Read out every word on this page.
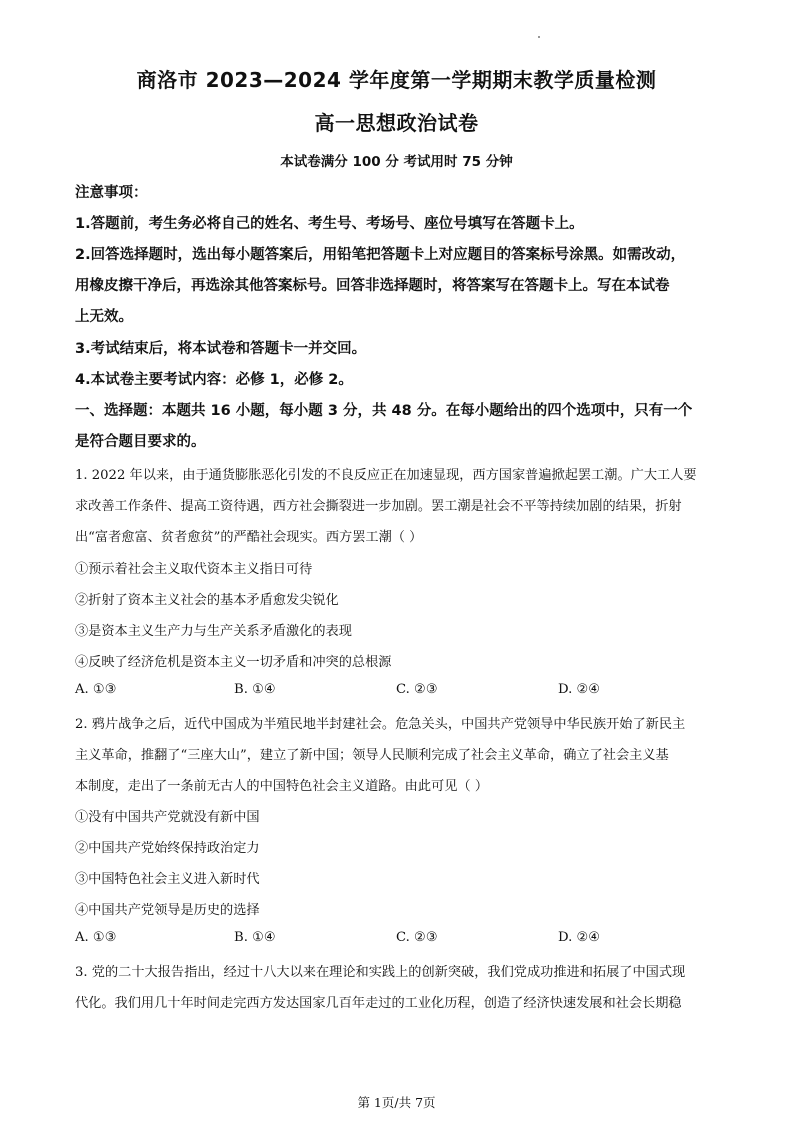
商洛市 2023—2024 学年度第一学期期末教学质量检测
高一思想政治试卷
本试卷满分 100 分 考试用时 75 分钟
注意事项：
1.答题前，考生务必将自己的姓名、考生号、考场号、座位号填写在答题卡上。
2.回答选择题时，选出每小题答案后，用铅笔把答题卡上对应题目的答案标号涂黑。如需改动，
用橡皮擦干净后，再选涂其他答案标号。回答非选择题时，将答案写在答题卡上。写在本试卷
上无效。
3.考试结束后，将本试卷和答题卡一并交回。
4.本试卷主要考试内容：必修 1，必修 2。
一、选择题：本题共 16 小题，每小题 3 分，共 48 分。在每小题给出的四个选项中，只有一个
是符合题目要求的。
1. 2022 年以来，由于通货膨胀恶化引发的不良反应正在加速显现，西方国家普遍掀起罢工潮。广大工人要
求改善工作条件、提高工资待遇，西方社会撕裂进一步加剧。罢工潮是社会不平等持续加剧的结果，折射
出“富者愈富、贫者愈贫”的严酷社会现实。西方罢工潮（ ）
①预示着社会主义取代资本主义指日可待
②折射了资本主义社会的基本矛盾愈发尖锐化
③是资本主义生产力与生产关系矛盾激化的表现
④反映了经济危机是资本主义一切矛盾和冲突的总根源
A. ①③	B. ①④	C. ②③	D. ②④
2. 鸦片战争之后，近代中国成为半殖民地半封建社会。危急关头，中国共产党领导中华民族开始了新民主
主义革命，推翻了“三座大山”，建立了新中国；领导人民顺利完成了社会主义革命，确立了社会主义基
本制度，走出了一条前无古人的中国特色社会主义道路。由此可见（ ）
①没有中国共产党就没有新中国
②中国共产党始终保持政治定力
③中国特色社会主义进入新时代
④中国共产党领导是历史的选择
A. ①③	B. ①④	C. ②③	D. ②④
3. 党的二十大报告指出，经过十八大以来在理论和实践上的创新突破，我们党成功推进和拓展了中国式现
代化。我们用几十年时间走完西方发达国家几百年走过的工业化历程，创造了经济快速发展和社会长期稳
第 1页/共 7页
